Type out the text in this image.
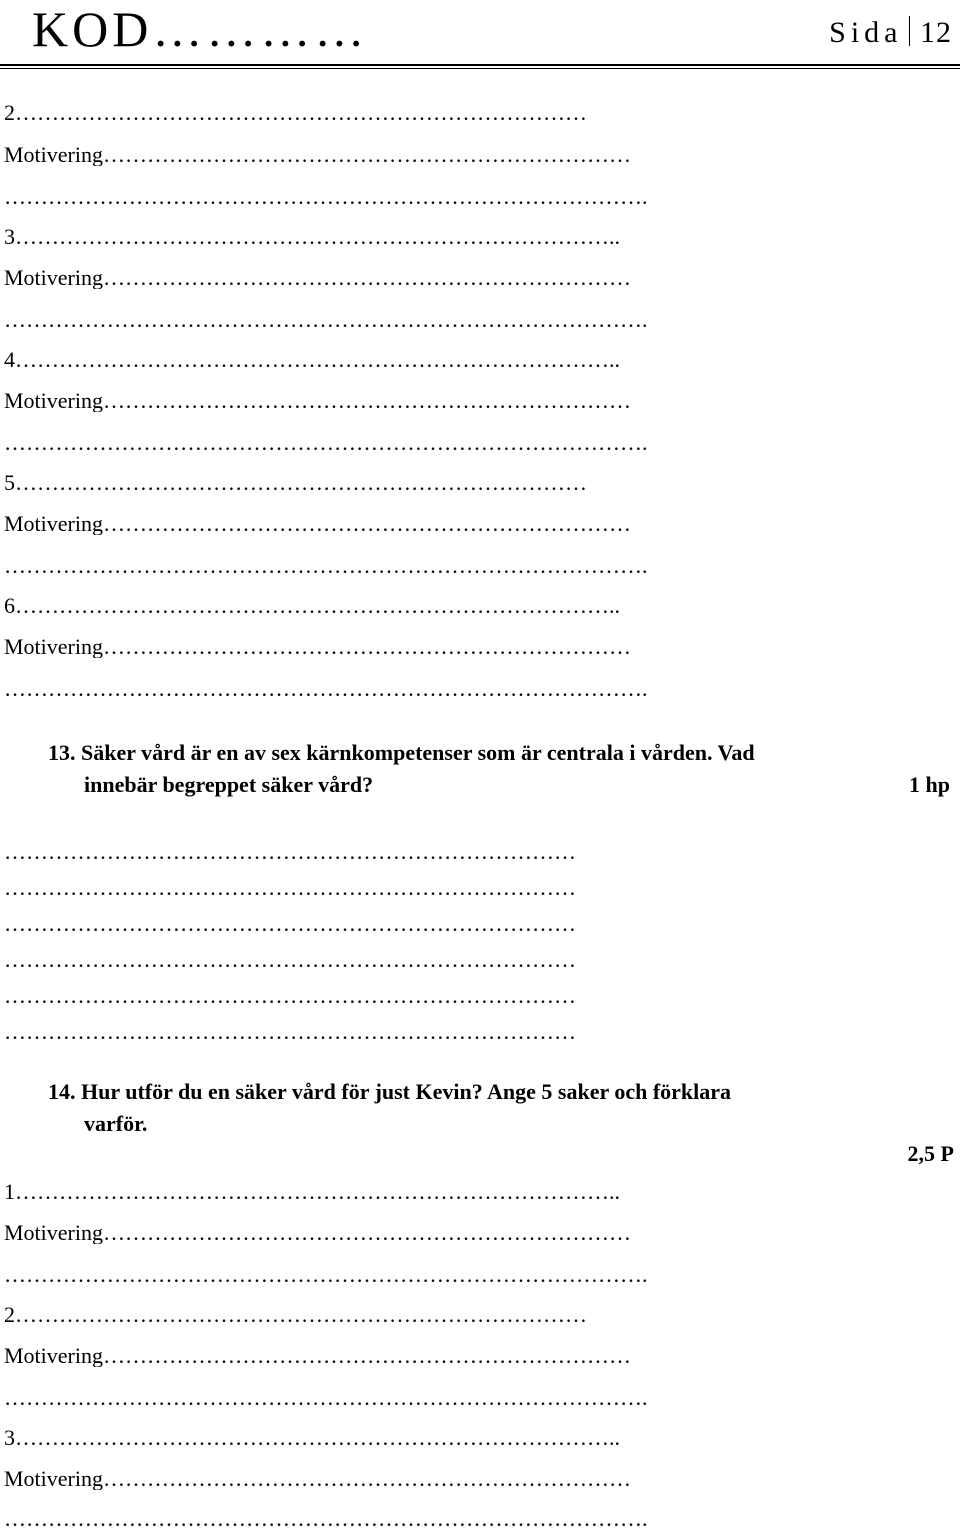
KOD…………	Sida 12
2……………………………………………………………………
Motivering………………………………………………………………
…………………………………………………………………………….
3………………………………………………………………………..
Motivering………………………………………………………………
…………………………………………………………………………….
4………………………………………………………………………..
Motivering………………………………………………………………
…………………………………………………………………………….
5……………………………………………………………………
Motivering………………………………………………………………
…………………………………………………………………………….
6………………………………………………………………………..
Motivering………………………………………………………………
…………………………………………………………………………….
13. Säker vård är en av sex kärnkompetenser som är centrala i vården. Vad
innebär begreppet säker vård?	1 hp
……………………………………………………………………
……………………………………………………………………
……………………………………………………………………
……………………………………………………………………
……………………………………………………………………
……………………………………………………………………
14. Hur utför du en säker vård för just Kevin? Ange 5 saker och förklara
varför.
2,5 P
1………………………………………………………………………..
Motivering………………………………………………………………
…………………………………………………………………………….
2……………………………………………………………………
Motivering………………………………………………………………
…………………………………………………………………………….
3………………………………………………………………………..
Motivering………………………………………………………………
…………………………………………………………………………….
